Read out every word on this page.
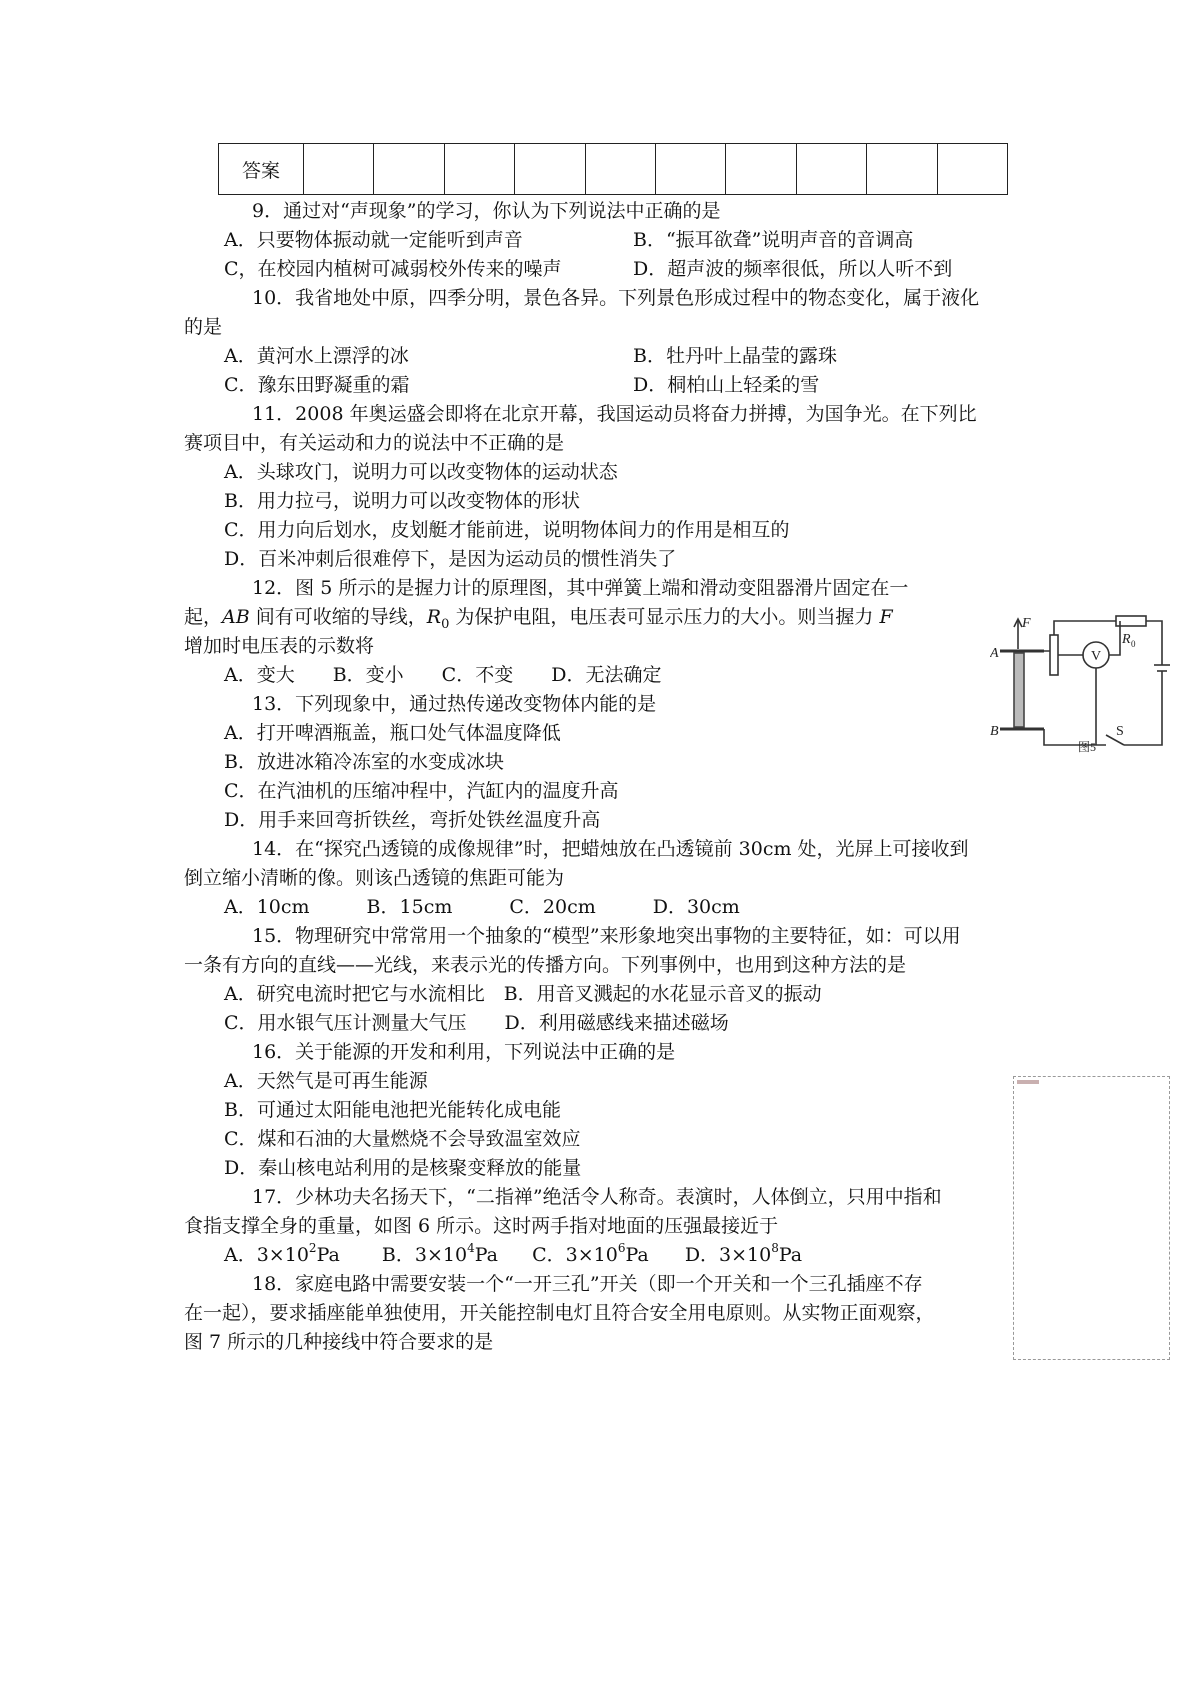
答案										
9．通过对“声现象”的学习，你认为下列说法中正确的是
A．只要物体振动就一定能听到声音	B．“振耳欲聋”说明声音的音调高
C，在校园内植树可减弱校外传来的噪声	D．超声波的频率很低，所以人听不到
10．我省地处中原，四季分明，景色各异。下列景色形成过程中的物态变化，属于液化
的是
A．黄河水上漂浮的冰	B．牡丹叶上晶莹的露珠
C．豫东田野凝重的霜	D．桐柏山上轻柔的雪
11．2008 年奥运盛会即将在北京开幕，我国运动员将奋力拼搏，为国争光。在下列比
赛项目中，有关运动和力的说法中不正确的是
A．头球攻门，说明力可以改变物体的运动状态
B．用力拉弓，说明力可以改变物体的形状
C．用力向后划水，皮划艇才能前进，说明物体间力的作用是相互的
D．百米冲刺后很难停下，是因为运动员的惯性消失了
12．图 5 所示的是握力计的原理图，其中弹簧上端和滑动变阻器滑片固定在一
起，AB 间有可收缩的导线，$R_0$ 为保护电阻，电压表可显示压力的大小。则当握力 F
增加时电压表的示数将
A．变大　　B．变小　　C．不变　　D．无法确定
F
A
B
R 0
V
S
图5
13．下列现象中，通过热传递改变物体内能的是
A．打开啤酒瓶盖，瓶口处气体温度降低
B．放进冰箱冷冻室的水变成冰块
C．在汽油机的压缩冲程中，汽缸内的温度升高
D．用手来回弯折铁丝，弯折处铁丝温度升高
14．在“探究凸透镜的成像规律”时，把蜡烛放在凸透镜前 30cm 处，光屏上可接收到
倒立缩小清晰的像。则该凸透镜的焦距可能为
A．10cm　　　B．15cm　　　C．20cm　　　D．30cm
15．物理研究中常常用一个抽象的“模型”来形象地突出事物的主要特征，如：可以用
一条有方向的直线——光线，来表示光的传播方向。下列事例中，也用到这种方法的是
A．研究电流时把它与水流相比　B．用音叉溅起的水花显示音叉的振动
C．用水银气压计测量大气压　　D．利用磁感线来描述磁场
16．关于能源的开发和利用，下列说法中正确的是
A．天然气是可再生能源
B．可通过太阳能电池把光能转化成电能
C．煤和石油的大量燃烧不会导致温室效应
D．秦山核电站利用的是核聚变释放的能量
17．少林功夫名扬天下，“二指禅”绝活令人称奇。表演时，人体倒立，只用中指和
食指支撑全身的重量，如图 6 所示。这时两手指对地面的压强最接近于
A．$3\times 10^2Pa$ B．$3\times 10^4Pa$ C．$3\times 10^6Pa$ D．$3\times 10^8Pa$
18．家庭电路中需要安装一个“一开三孔”开关（即一个开关和一个三孔插座不存
在一起），要求插座能单独使用，开关能控制电灯且符合安全用电原则。从实物正面观察，
图 7 所示的几种接线中符合要求的是
